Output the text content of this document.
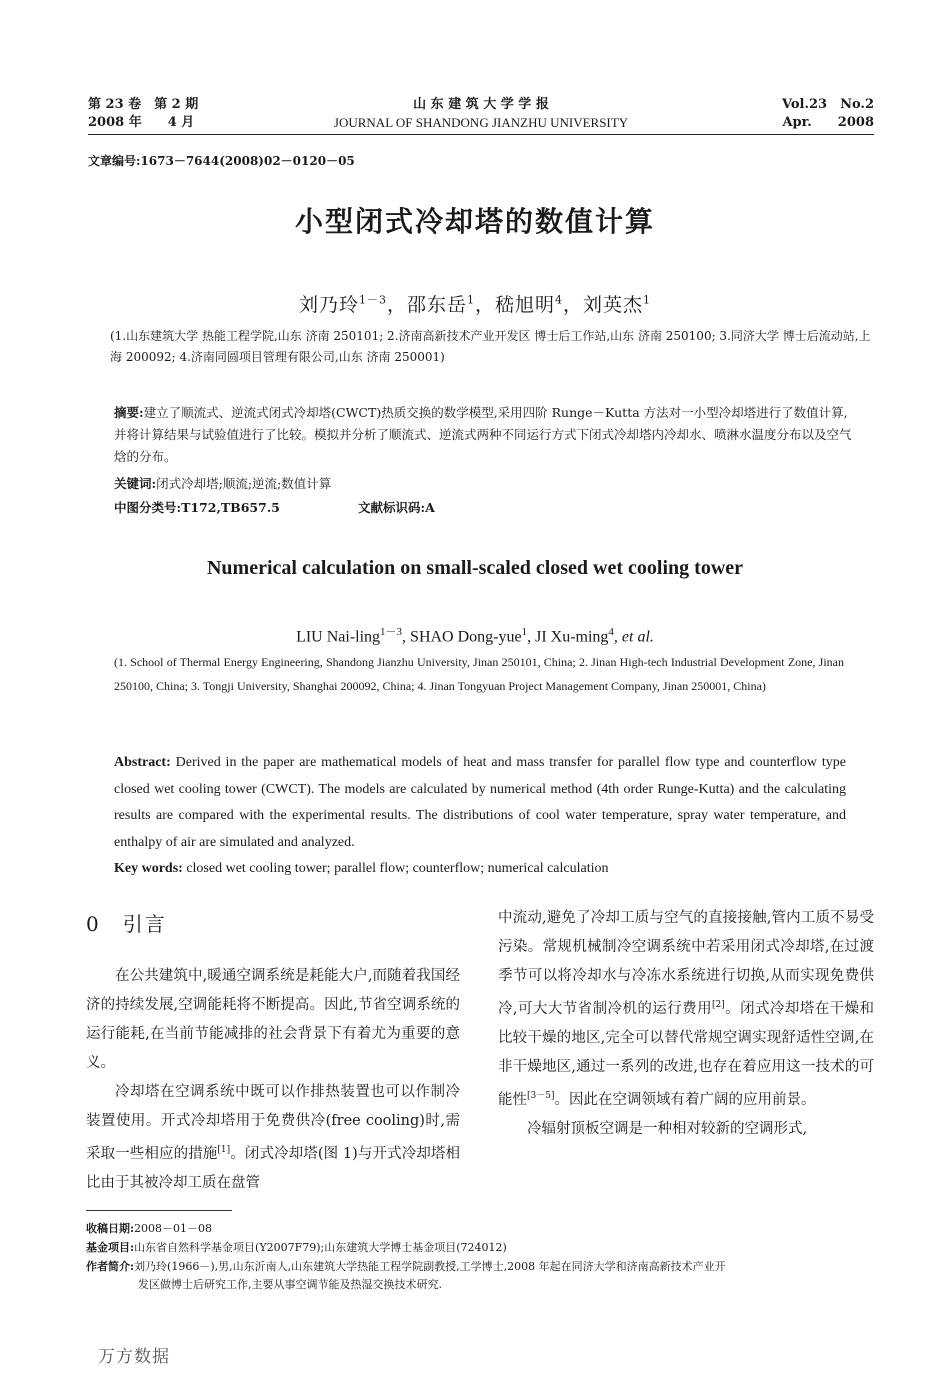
第 23 卷　第 2 期
2008 年　　4 月
山 东 建 筑 大 学 学 报
JOURNAL OF SHANDONG JIANZHU UNIVERSITY
Vol.23　No.2
Apr.　　2008
文章编号:1673－7644(2008)02－0120－05
小型闭式冷却塔的数值计算
刘乃玲$^{1-3}$，邵东岳$^1$，嵇旭明$^4$，刘英杰$^1$
(1.山东建筑大学 热能工程学院,山东 济南 250101; 2.济南高新技术产业开发区 博士后工作站,山东 济南 250100; 3.同济大学 博士后流动站,上海 200092; 4.济南同圆项目管理有限公司,山东 济南 250001)
摘要:建立了顺流式、逆流式闭式冷却塔(CWCT)热质交换的数学模型,采用四阶 Runge－Kutta 方法对一小型冷却塔进行了数值计算,并将计算结果与试验值进行了比较。模拟并分析了顺流式、逆流式两种不同运行方式下闭式冷却塔内冷却水、喷淋水温度分布以及空气焓的分布。
关键词:闭式冷却塔;顺流;逆流;数值计算
中图分类号:T172,TB657.5	文献标识码:A
Numerical calculation on small-scaled closed wet cooling tower
LIU Nai-ling$^{1-3}$, SHAO Dong-yue$^1$, JI Xu-ming$^4$, et al.
(1. School of Thermal Energy Engineering, Shandong Jianzhu University, Jinan 250101, China; 2. Jinan High-tech Industrial Development Zone, Jinan 250100, China; 3. Tongji University, Shanghai 200092, China; 4. Jinan Tongyuan Project Management Company, Jinan 250001, China)
Abstract: Derived in the paper are mathematical models of heat and mass transfer for parallel flow type and counterflow type closed wet cooling tower (CWCT). The models are calculated by numerical method (4th order Runge-Kutta) and the calculating results are compared with the experimental results. The distributions of cool water temperature, spray water temperature, and enthalpy of air are simulated and analyzed.
Key words: closed wet cooling tower; parallel flow; counterflow; numerical calculation
0　引言

在公共建筑中,暖通空调系统是耗能大户,而随着我国经济的持续发展,空调能耗将不断提高。因此,节省空调系统的运行能耗,在当前节能减排的社会背景下有着尤为重要的意义。

冷却塔在空调系统中既可以作排热装置也可以作制冷装置使用。开式冷却塔用于免费供冷(free cooling)时,需采取一些相应的措施[1]。闭式冷却塔(图 1)与开式冷却塔相比由于其被冷却工质在盘管

中流动,避免了冷却工质与空气的直接接触,管内工质不易受污染。常规机械制冷空调系统中若采用闭式冷却塔,在过渡季节可以将冷却水与冷冻水系统进行切换,从而实现免费供冷,可大大节省制冷机的运行费用[2]。闭式冷却塔在干燥和比较干燥的地区,完全可以替代常规空调实现舒适性空调,在非干燥地区,通过一系列的改进,也存在着应用这一技术的可能性[3－5]。因此在空调领域有着广阔的应用前景。

冷辐射顶板空调是一种相对较新的空调形式,

收稿日期:2008－01－08
基金项目:山东省自然科学基金项目(Y2007F79);山东建筑大学博士基金项目(724012)
作者简介:刘乃玲(1966－),男,山东沂南人,山东建筑大学热能工程学院副教授,工学博士,2008 年起在同济大学和济南高新技术产业开
发区做博士后研究工作,主要从事空调节能及热湿交换技术研究.
万方数据
